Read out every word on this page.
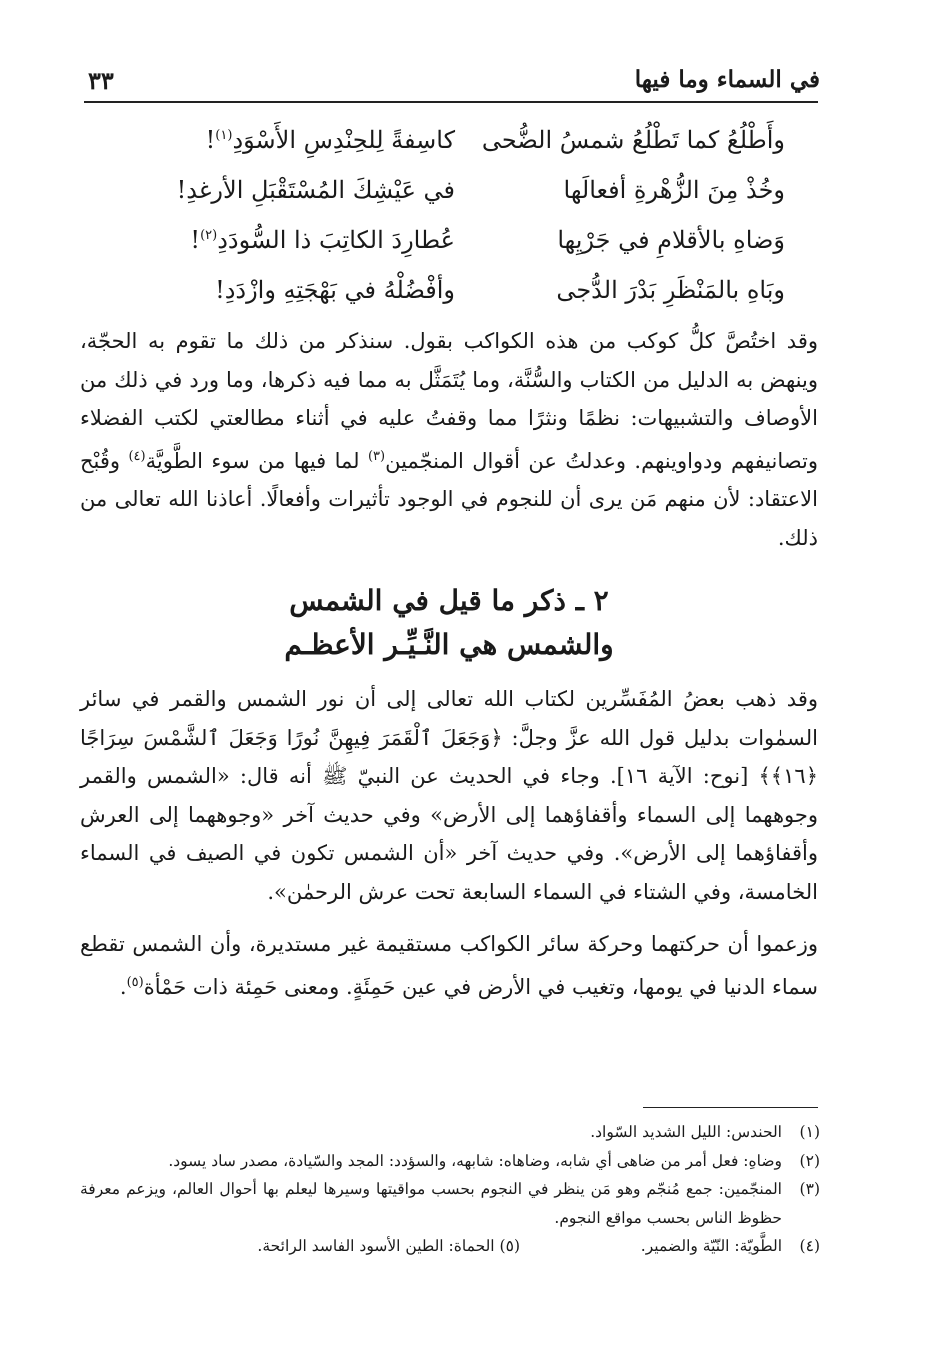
في السماء وما فيها
٣٣
وأَطْلُعُ كما تَطْلُعُ شمسُ الضُّحى
كاسِفةً لِلحِنْدِسِ الأَسْوَدِ$^{(١)}$!
وخُذْ مِنَ الزُّهْرةِ أفعالَها
في عَيْشِكَ المُسْتَقْبَلِ الأرغدِ!
وَضاهِ بالأقلامِ في جَرْيِها
عُطارِدَ الكاتِبَ ذا السُّودَدِ$^{(٢)}$!
وبَاهِ بالمَنْظَرِ بَدْرَ الدُّجى
وأفْضُلْهُ في بَهْجَتِهِ وازْدَدِ!
وقد اختُصَّ كلُّ كوكب من هذه الكواكب بقول. سنذكر من ذلك ما تقوم به الحجّة، وينهض به الدليل من الكتاب والسُّنَّة، وما يُتَمَثَّل به مما فيه ذكرها، وما ورد في ذلك من الأوصاف والتشبيهات: نظمًا ونثرًا مما وقفتُ عليه في أثناء مطالعتي لكتب الفضلاء وتصانيفهم ودواوينهم. وعدلتُ عن أقوال المنجّمين$^{(٣)}$ لما فيها من سوء الطَّويَّة$^{(٤)}$ وقُبْح الاعتقاد: لأن منهم مَن يرى أن للنجوم في الوجود تأثيرات وأفعالًا. أعاذنا الله تعالى من ذلك.
٢ ـ ذكر ما قيل في الشمس
والشمس هي النَّـيِّـر الأعظـم
وقد ذهب بعضُ المُفَسِّرين لكتاب الله تعالى إلى أن نور الشمس والقمر في سائر السمٰوات بدليل قول الله عزَّ وجلَّ: ﴿وَجَعَلَ ٱلْقَمَرَ فِيهِنَّ نُورًا وَجَعَلَ ٱلشَّمْسَ سِرَاجًا ﴿١٦﴾﴾ [نوح: الآية ١٦]. وجاء في الحديث عن النبيّ ﷺ أنه قال: «الشمس والقمر وجوههما إلى السماء وأقفاؤهما إلى الأرض» وفي حديث آخر «وجوههما إلى العرش وأقفاؤهما إلى الأرض». وفي حديث آخر «أن الشمس تكون في الصيف في السماء الخامسة، وفي الشتاء في السماء السابعة تحت عرش الرحمٰن».
وزعموا أن حركتهما وحركة سائر الكواكب مستقيمة غير مستديرة، وأن الشمس تقطع سماء الدنيا في يومها، وتغيب في الأرض في عين حَمِئَةٍ. ومعنى حَمِئة ذات حَمْأة$^{(٥)}$.
(١)
الحندس: الليل الشديد السّواد.
(٢)
وضاهِ: فعل أمر من ضاهى أي شابه، وضاهاه: شابهه، والسؤدد: المجد والسّيادة، مصدر ساد يسود.
(٣)
المنجّمين: جمع مُنجّم وهو مَن ينظر في النجوم بحسب مواقيتها وسيرها ليعلم بها أحوال العالم، ويزعم معرفة حظوظ الناس بحسب مواقع النجوم.
(٤)
الطَّويّة: النّيّة والضمير.
(٥) الحماة: الطين الأسود الفاسد الرائحة.
